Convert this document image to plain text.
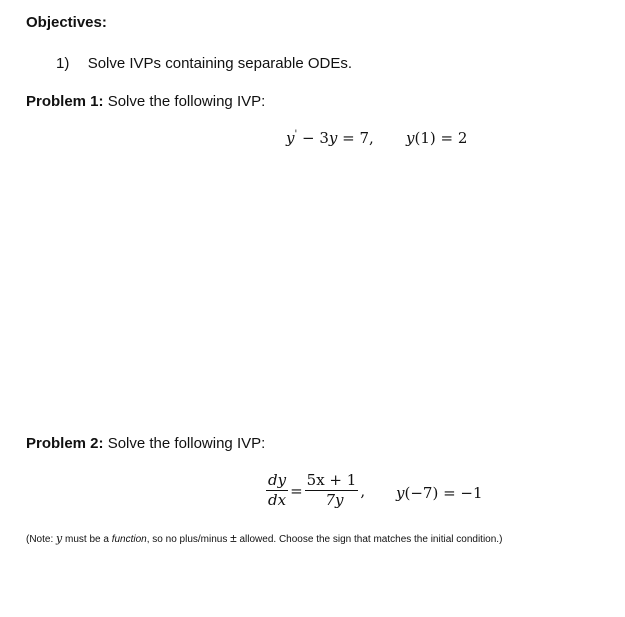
Objectives:
1) Solve IVPs containing separable ODEs.
Problem 1: Solve the following IVP:
y' − 3y = 7, y(1) = 2
Problem 2: Solve the following IVP:
$\frac{dy}{dx} = \frac{5x + 1}{7y}$ , y(−7) = −1
(Note: y must be a function, so no plus/minus ± allowed. Choose the sign that matches the initial condition.)
